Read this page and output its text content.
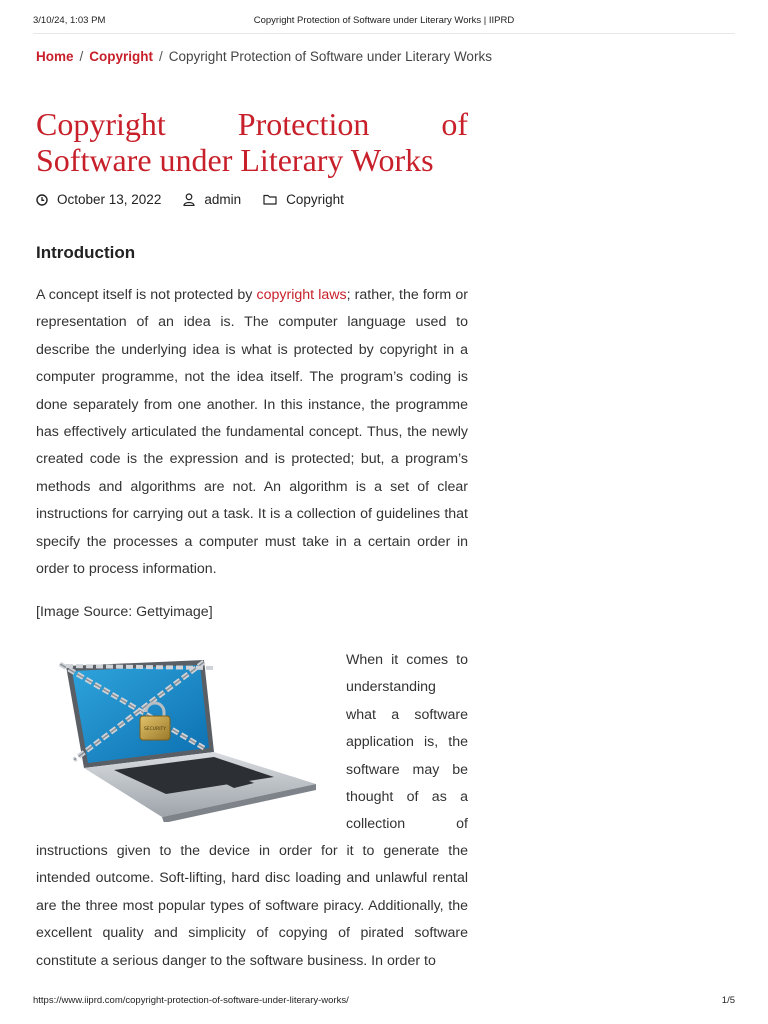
3/10/24, 1:03 PM	Copyright Protection of Software under Literary Works | IIPRD
Home / Copyright / Copyright Protection of Software under Literary Works
Copyright Protection of
Software under Literary Works
October 13, 2022	admin	Copyright
Introduction

A concept itself is not protected by copyright laws; rather, the form or representation of an idea is. The computer language used to describe the underlying idea is what is protected by copyright in a computer programme, not the idea itself. The program’s coding is done separately from one another. In this instance, the programme has effectively articulated the fundamental concept. Thus, the newly created code is the expression and is protected; but, a program’s methods and algorithms are not. An algorithm is a set of clear instructions for carrying out a task. It is a collection of guidelines that specify the processes a computer must take in a certain order in order to process information.

[Image Source: Gettyimage]

SECURITY

When it comes to
understanding
what a software
application is, the
software may be
thought of as a
collection of

instructions given to the device in order for it to generate the intended outcome. Soft-lifting, hard disc loading and unlawful rental are the three most popular types of software piracy. Additionally, the excellent quality and simplicity of copying of pirated software constitute a serious danger to the software business. In order to

https://www.iiprd.com/copyright-protection-of-software-under-literary-works/	1/5
